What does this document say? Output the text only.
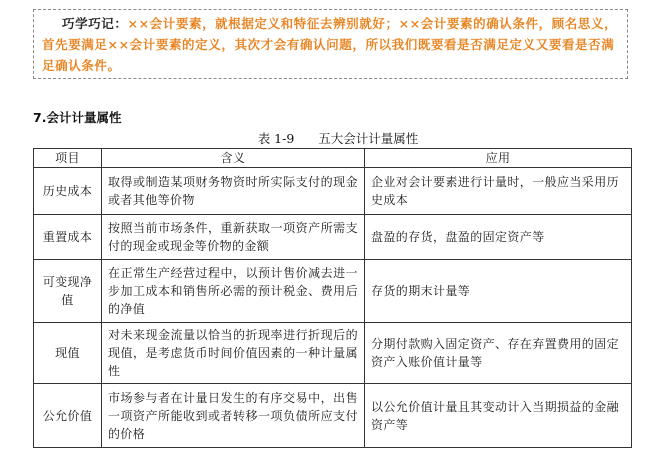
巧学巧记：××会计要素，就根据定义和特征去辨别就好；××会计要素的确认条件，顾名思义，首先要满足××会计要素的定义，其次才会有确认问题，所以我们既要看是否满足定义又要看是否满足确认条件。
7.会计计量属性
表 1-9 五大会计计量属性
项目	含义	应用
历史成本	取得或制造某项财务物资时所实际支付的现金或者其他等价物	企业对会计要素进行计量时，一般应当采用历史成本
重置成本	按照当前市场条件，重新获取一项资产所需支付的现金或现金等价物的金额	盘盈的存货，盘盈的固定资产等
可变现净值	在正常生产经营过程中，以预计售价减去进一步加工成本和销售所必需的预计税金、费用后的净值	存货的期末计量等
现值	对未来现金流量以恰当的折现率进行折现后的现值，是考虑货币时间价值因素的一种计量属性	分期付款购入固定资产、存在弃置费用的固定资产入账价值计量等
公允价值	市场参与者在计量日发生的有序交易中，出售一项资产所能收到或者转移一项负债所应支付的价格	以公允价值计量且其变动计入当期损益的金融资产等
